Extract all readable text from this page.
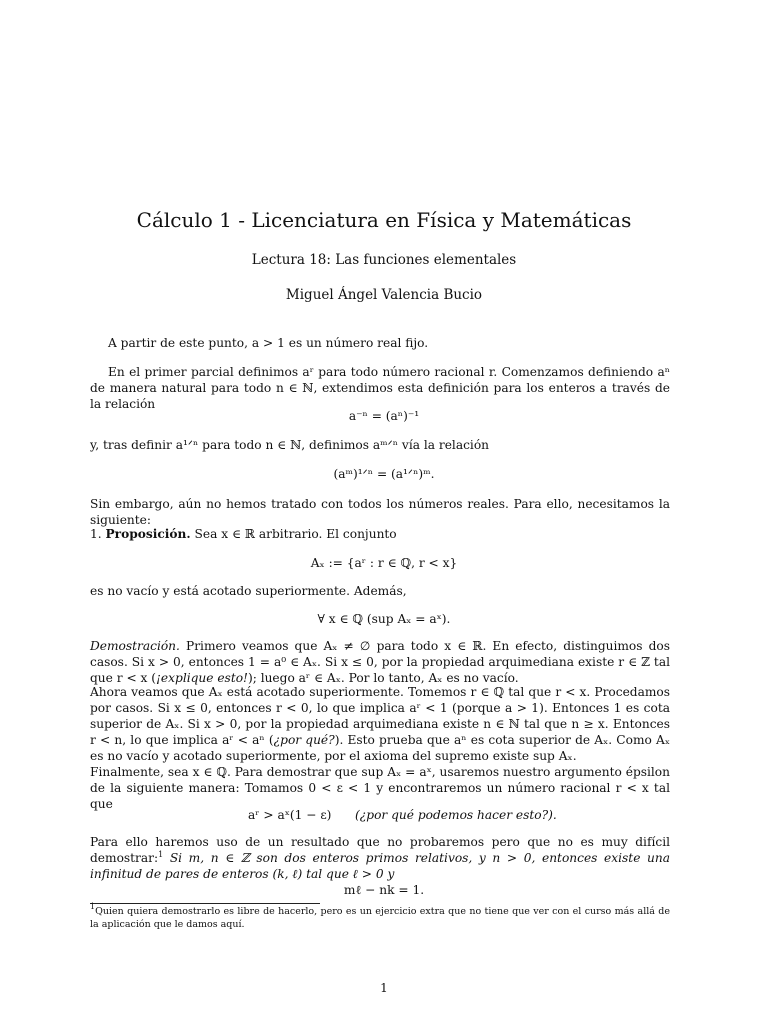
Cálculo 1 - Licenciatura en Física y Matemáticas
Lectura 18: Las funciones elementales
Miguel Ángel Valencia Bucio
A partir de este punto, a > 1 es un número real fijo.
En el primer parcial definimos aʳ para todo número racional r. Comenzamos definiendo aⁿ de manera natural para todo n ∈ ℕ, extendimos esta definición para los enteros a través de la relación
a⁻ⁿ = (aⁿ)⁻¹
y, tras definir a¹ᐟⁿ para todo n ∈ ℕ, definimos aᵐᐟⁿ vía la relación
(aᵐ)¹ᐟⁿ = (a¹ᐟⁿ)ᵐ.
Sin embargo, aún no hemos tratado con todos los números reales. Para ello, necesitamos la siguiente:
1. Proposición. Sea x ∈ ℝ arbitrario. El conjunto
Aₓ := {aʳ : r ∈ ℚ, r < x}
es no vacío y está acotado superiormente. Además,
∀ x ∈ ℚ (sup Aₓ = aˣ).
Demostración. Primero veamos que Aₓ ≠ ∅ para todo x ∈ ℝ. En efecto, distinguimos dos casos. Si x > 0, entonces 1 = a⁰ ∈ Aₓ. Si x ≤ 0, por la propiedad arquimediana existe r ∈ ℤ tal que r < x (¡explique esto!); luego aʳ ∈ Aₓ. Por lo tanto, Aₓ es no vacío.
Ahora veamos que Aₓ está acotado superiormente. Tomemos r ∈ ℚ tal que r < x. Procedamos por casos. Si x ≤ 0, entonces r < 0, lo que implica aʳ < 1 (porque a > 1). Entonces 1 es cota superior de Aₓ. Si x > 0, por la propiedad arquimediana existe n ∈ ℕ tal que n ≥ x. Entonces r < n, lo que implica aʳ < aⁿ (¿por qué?). Esto prueba que aⁿ es cota superior de Aₓ. Como Aₓ es no vacío y acotado superiormente, por el axioma del supremo existe sup Aₓ.
Finalmente, sea x ∈ ℚ. Para demostrar que sup Aₓ = aˣ, usaremos nuestro argumento épsilon de la siguiente manera: Tomamos 0 < ε < 1 y encontraremos un número racional r < x tal que
aʳ > aˣ(1 − ε) (¿por qué podemos hacer esto?).
Para ello haremos uso de un resultado que no probaremos pero que no es muy difícil demostrar:$^1$ Si m, n ∈ ℤ son dos enteros primos relativos, y n > 0, entonces existe una infinitud de pares de enteros (k, ℓ) tal que ℓ > 0 y
mℓ − nk = 1.
$^1$Quien quiera demostrarlo es libre de hacerlo, pero es un ejercicio extra que no tiene que ver con el curso más allá de la aplicación que le damos aquí.
1
